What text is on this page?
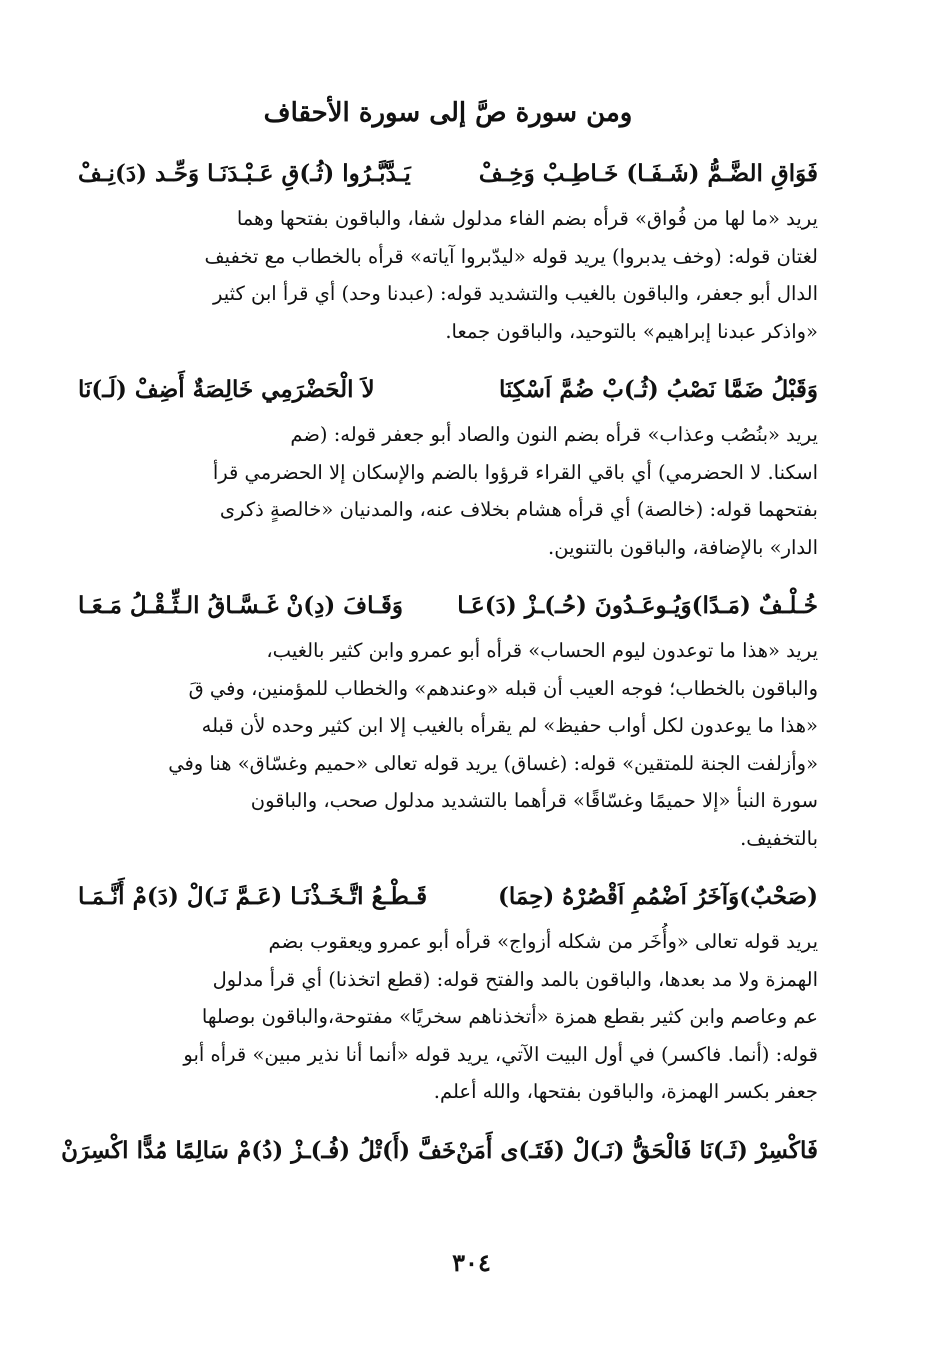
ومن سورة صَّ إلى سورة الأحقاف
فَوَاقِ الضَّـمُّ (شَـفَـا) خَـاطِـبْ وَخِـفْ
يَـدَّبَّـرُوا (ثُـ)قِ عَـبْـدَنَـا وَحِّـد (دَ)نِـفْ
يريد «ما لها من فُواق» قرأه بضم الفاء مدلول شفا، والباقون بفتحها وهما
لغتان قوله: (وخف يدبروا) يريد قوله «ليدّبروا آياته» قرأه بالخطاب مع تخفيف
الدال أبو جعفر، والباقون بالغيب والتشديد قوله: (عبدنا وحد) أي قرأ ابن كثير
«واذكر عبدنا إبراهيم» بالتوحيد، والباقون جمعا.
وَقَبْلُ ضَمَّا نَصْبُ (ثُـ)بْ ضُمَّ اَسْكِنَا
لاَ الْحَضْرَمِي خَالِصَةٌ أَضِفْ (لَـ)نَا
يريد «بنُصُب وعذاب» قرأه بضم النون والصاد أبو جعفر قوله: (ضم
اسكنا. لا الحضرمي) أي باقي القراء قرؤوا بالضم والإسكان إلا الحضرمي قرأ
بفتحهما قوله: (خالصة) أي قرأه هشام بخلاف عنه، والمدنيان «خالصةٍ ذكرى
الدار» بالإضافة، والباقون بالتنوين.
خُـلْـفٌ (مَـدًا)وَيُـوعَـدُونَ (حُـ)ـزْ (دَ)عَـا
وَقَـافَ (دِ)نْ غَـسَّـاقُ الـثِّـقْـلُ مَـعَـا
يريد «هذا ما توعدون ليوم الحساب» قرأه أبو عمرو وابن كثير بالغيب،
والباقون بالخطاب؛ فوجه العيب أن قبله «وعندهم» والخطاب للمؤمنين، وفي قَ
«هذا ما يوعدون لكل أواب حفيظ» لم يقرأه بالغيب إلا ابن كثير وحده لأن قبله
«وأزلفت الجنة للمتقين» قوله: (غساق) يريد قوله تعالى «حميم وغسّاق» هنا وفي
سورة النبأ «إلا حميمًا وغسّاقًا» قرأهما بالتشديد مدلول صحب، والباقون
بالتخفيف.
(صَحْبٌ)وَآخَرُ اَضْمُمِ اَقْصُرْهُ (حِمَا)
قَـطْـعُ اتَّـخَـذْنَـا (عَـمَّ نَـ)لْ (دَ)مْ أَنَّـمَـا
يريد قوله تعالى «وأُخَر من شكله أزواج» قرأه أبو عمرو ويعقوب بضم
الهمزة ولا مد بعدها، والباقون بالمد والفتح قوله: (قطع اتخذنا) أي قرأ مدلول
عم وعاصم وابن كثير بقطع همزة «أتخذناهم سخريًا» مفتوحة،والباقون بوصلها
قوله: (أنما. فاكسر) في أول البيت الآتي، يريد قوله «أنما أنا نذير مبين» قرأه أبو
جعفر بكسر الهمزة، والباقون بفتحها، والله أعلم.
فَاكْسِرْ (ثَـ)نَا فَالْحَقُّ (نَـ)لْ (فَتَـ)ى أَمَنْ
خَفَّ (أَ)تْلُ (فُـ)ـزْ (دُ)مْ سَالِمًا مُدًّا اكْسِرَنْ
٣٠٤
